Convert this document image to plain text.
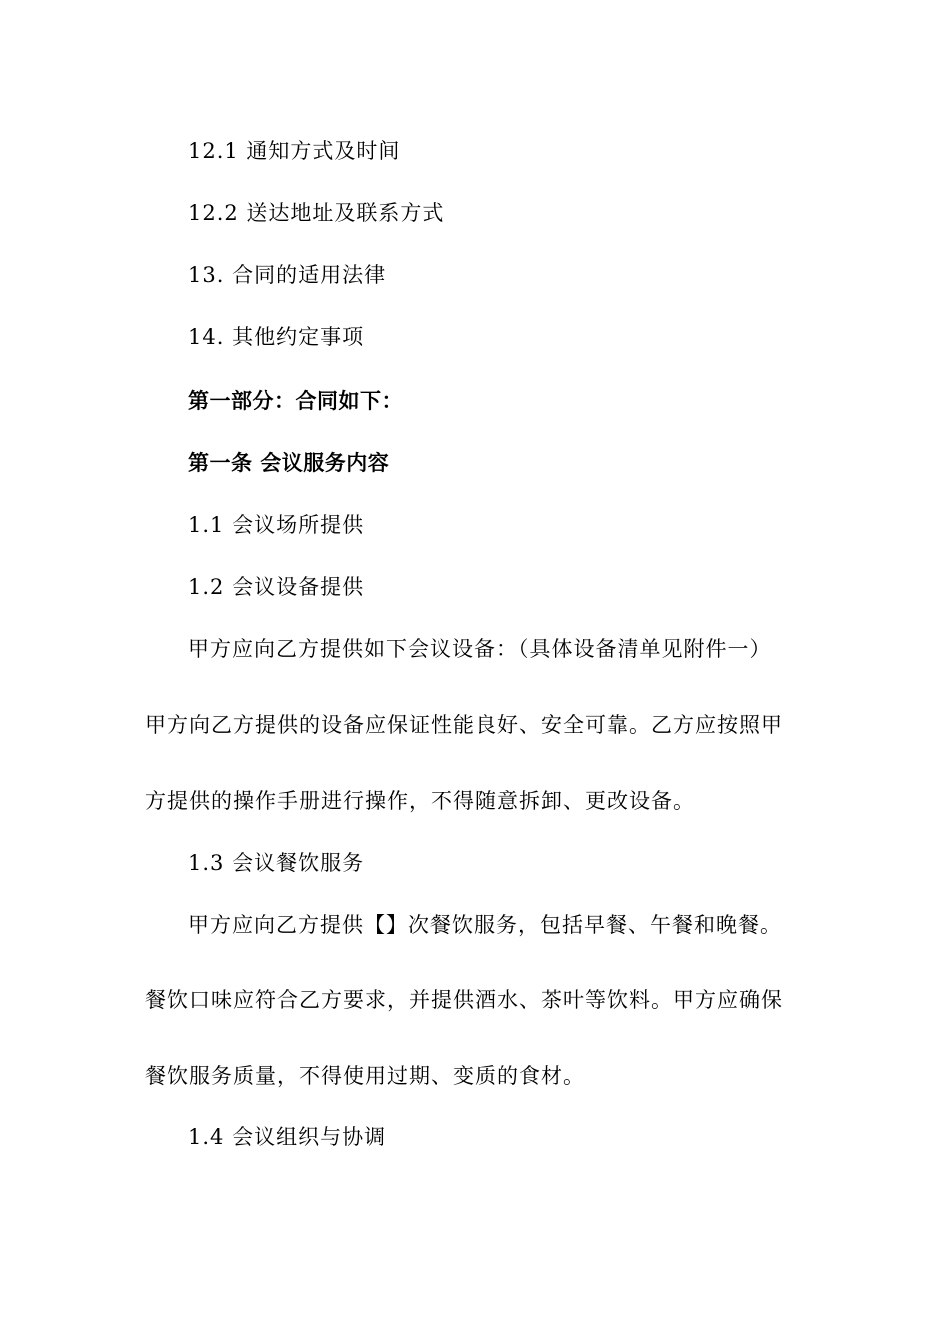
12.1 通知方式及时间
12.2 送达地址及联系方式
13. 合同的适用法律
14. 其他约定事项
第一部分：合同如下：
第一条 会议服务内容
1.1 会议场所提供
1.2 会议设备提供
甲方应向乙方提供如下会议设备：（具体设备清单见附件一）
甲方向乙方提供的设备应保证性能良好、安全可靠。乙方应按照甲
方提供的操作手册进行操作，不得随意拆卸、更改设备。
1.3 会议餐饮服务
甲方应向乙方提供【】次餐饮服务，包括早餐、午餐和晚餐。
餐饮口味应符合乙方要求，并提供酒水、茶叶等饮料。甲方应确保
餐饮服务质量，不得使用过期、变质的食材。
1.4 会议组织与协调
